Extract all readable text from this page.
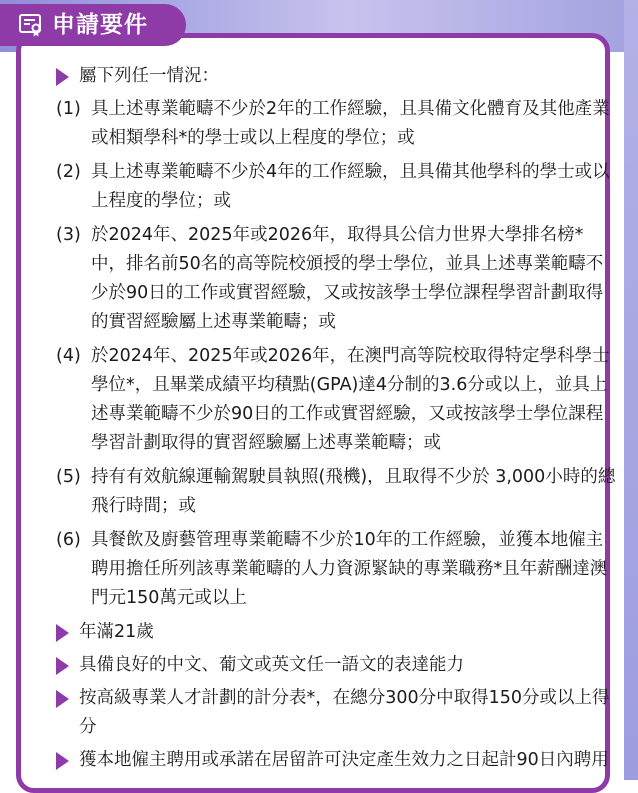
申請要件
屬下列任一情況：
(1) 具上述專業範疇不少於2年的工作經驗，且具備文化體育及其他產業或相類學科*的學士或以上程度的學位；或
(2) 具上述專業範疇不少於4年的工作經驗，且具備其他學科的學士或以上程度的學位；或
(3) 於2024年、2025年或2026年，取得具公信力世界大學排名榜*中，排名前50名的高等院校頒授的學士學位，並具上述專業範疇不少於90日的工作或實習經驗，又或按該學士學位課程學習計劃取得的實習經驗屬上述專業範疇；或
(4) 於2024年、2025年或2026年，在澳門高等院校取得特定學科學士學位*，且畢業成績平均積點(GPA)達4分制的3.6分或以上，並具上述專業範疇不少於90日的工作或實習經驗，又或按該學士學位課程學習計劃取得的實習經驗屬上述專業範疇；或
(5) 持有有效航線運輸駕駛員執照(飛機)，且取得不少於 3,000小時的總飛行時間；或
(6) 具餐飲及廚藝管理專業範疇不少於10年的工作經驗，並獲本地僱主聘用擔任所列該專業範疇的人力資源緊缺的專業職務*且年薪酬達澳門元150萬元或以上
年滿21歲
具備良好的中文、葡文或英文任一語文的表達能力
按高級專業人才計劃的計分表*，在總分300分中取得150分或以上得分
獲本地僱主聘用或承諾在居留許可決定產生效力之日起計90日內聘用
